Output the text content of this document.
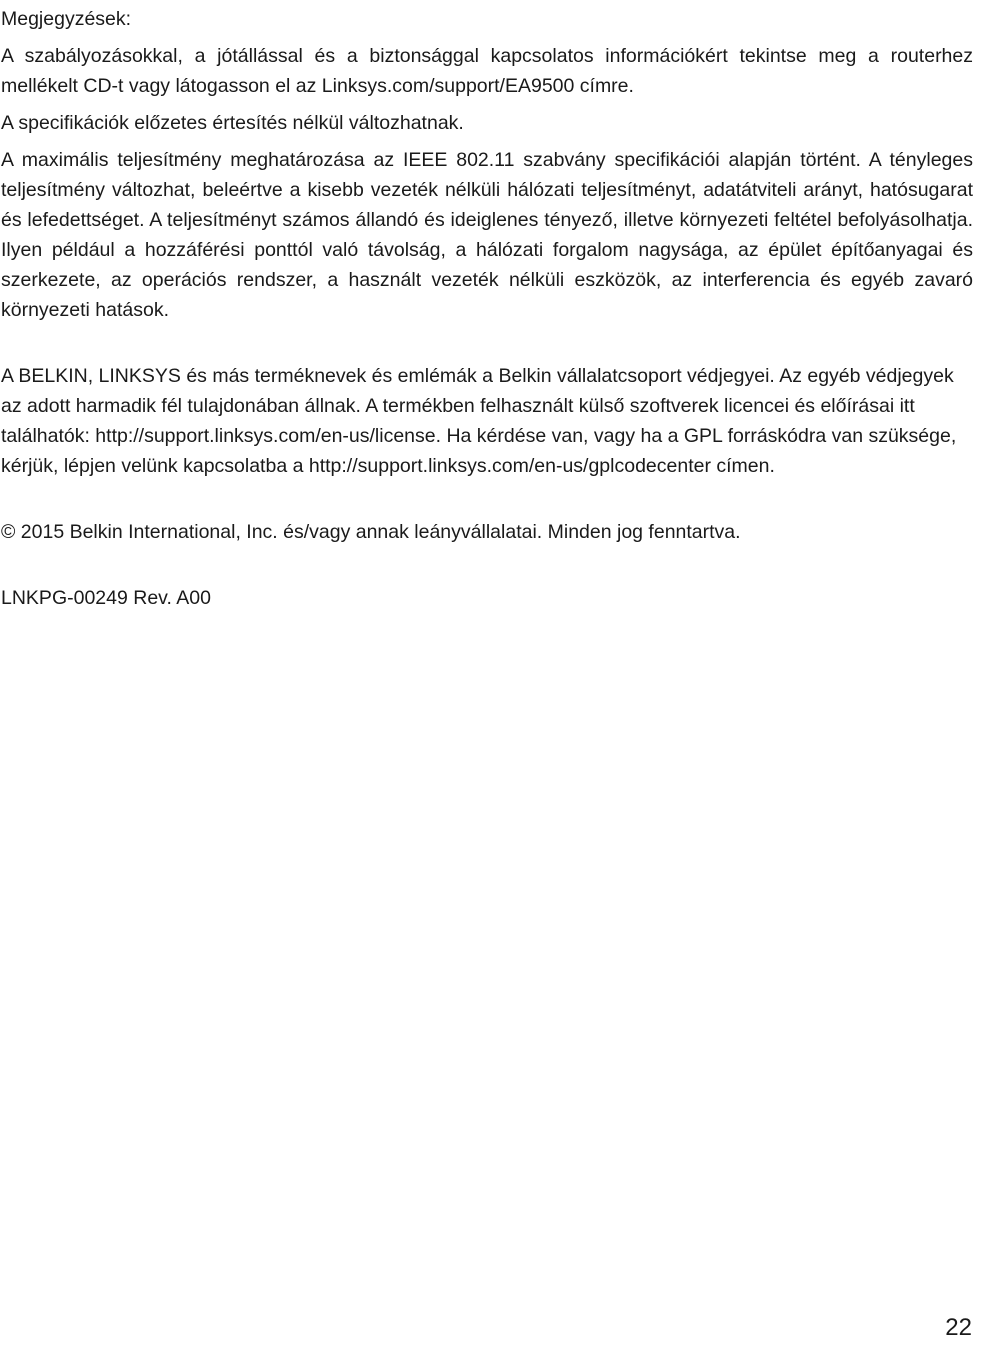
Megjegyzések:

A szabályozásokkal, a jótállással és a biztonsággal kapcsolatos információkért tekintse meg a routerhez mellékelt CD-t vagy látogasson el az Linksys.com/support/EA9500 címre.

A specifikációk előzetes értesítés nélkül változhatnak.

A maximális teljesítmény meghatározása az IEEE 802.11 szabvány specifikációi alapján történt. A tényleges teljesítmény változhat, beleértve a kisebb vezeték nélküli hálózati teljesítményt, adatátviteli arányt, hatósugarat és lefedettséget. A teljesítményt számos állandó és ideiglenes tényező, illetve környezeti feltétel befolyásolhatja. Ilyen például a hozzáférési ponttól való távolság, a hálózati forgalom nagysága, az épület építőanyagai és szerkezete, az operációs rendszer, a használt vezeték nélküli eszközök, az interferencia és egyéb zavaró környezeti hatások.

A BELKIN, LINKSYS és más terméknevek és emlémák a Belkin vállalatcsoport védjegyei. Az egyéb védjegyek az adott harmadik fél tulajdonában állnak. A termékben felhasznált külső szoftverek licencei és előírásai itt találhatók: http://support.linksys.com/en-us/license. Ha kérdése van, vagy ha a GPL forráskódra van szüksége, kérjük, lépjen velünk kapcsolatba a http://support.linksys.com/en-us/gplcodecenter címen.

© 2015 Belkin International, Inc. és/vagy annak leányvállalatai. Minden jog fenntartva.

LNKPG-00249 Rev. A00

22
